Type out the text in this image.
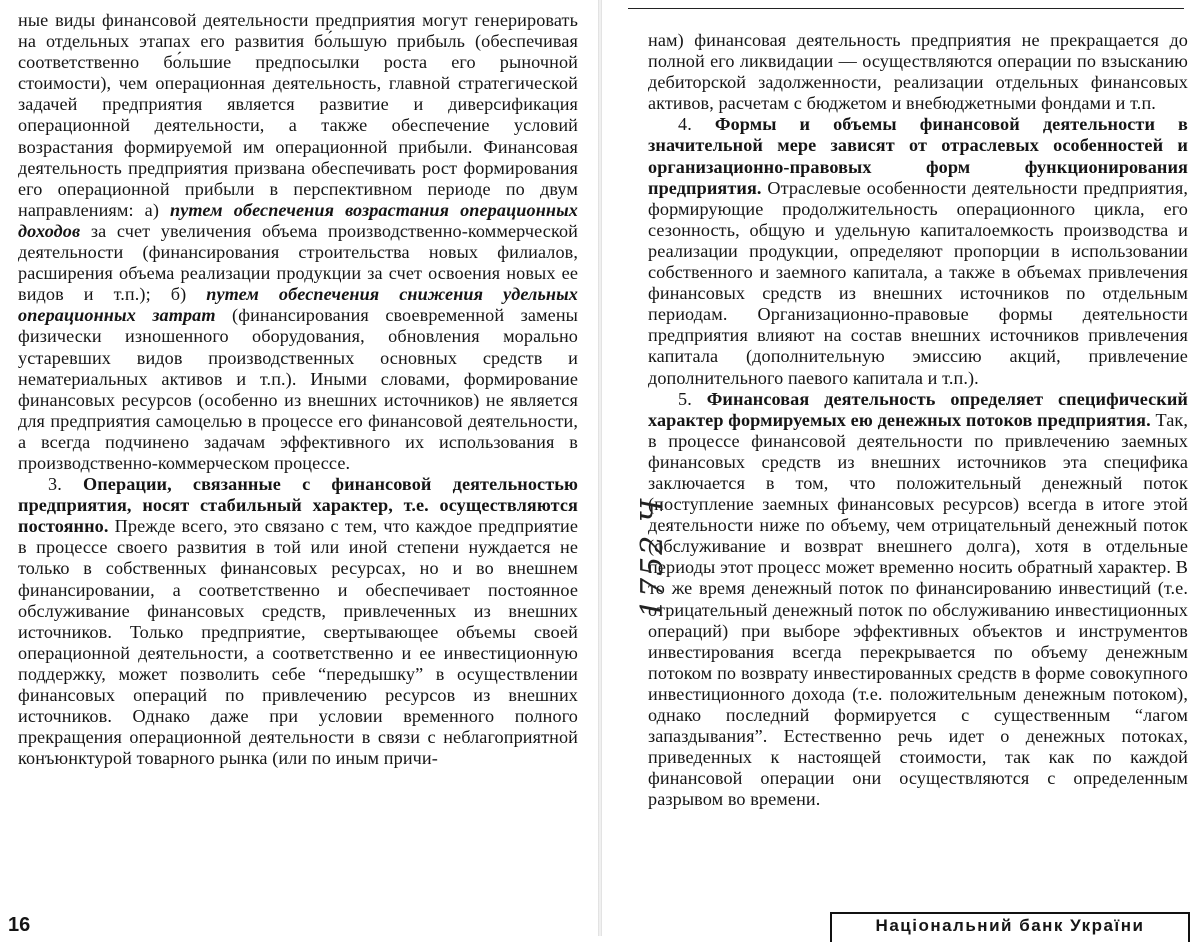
ные виды финансовой деятельности предприятия могут генерировать на отдельных этапах его развития бо́льшую прибыль (обеспечивая соответственно бо́льшие предпосылки роста его рыночной стоимости), чем операционная деятельность, главной стратегической задачей предприятия является развитие и диверсификация операционной деятельности, а также обеспечение условий возрастания формируемой им операционной прибыли. Финансовая деятельность предприятия призвана обеспечивать рост формирования его операционной прибыли в перспективном периоде по двум направлениям: а) путем обеспечения возрастания операционных доходов за счет увеличения объема производственно-коммерческой деятельности (финансирования строительства новых филиалов, расширения объема реализации продукции за счет освоения новых ее видов и т.п.); б) путем обеспечения снижения удельных операционных затрат (финансирования своевременной замены физически изношенного оборудования, обновления морально устаревших видов производственных основных средств и нематериальных активов и т.п.). Иными словами, формирование финансовых ресурсов (особенно из внешних источников) не является для предприятия самоцелью в процессе его финансовой деятельности, а всегда подчинено задачам эффективного их использования в производственно-коммерческом процессе.

3. Операции, связанные с финансовой деятельностью предприятия, носят стабильный характер, т.е. осуществляются постоянно. Прежде всего, это связано с тем, что каждое предприятие в процессе своего развития в той или иной степени нуждается не только в собственных финансовых ресурсах, но и во внешнем финансировании, а соответственно и обеспечивает постоянное обслуживание финансовых средств, привлеченных из внешних источников. Только предприятие, свертывающее объемы своей операционной деятельности, а соответственно и ее инвестиционную поддержку, может позволить себе “передышку” в осуществлении финансовых операций по привлечению ресурсов из внешних источников. Однако даже при условии временного полного прекращения операционной деятельности в связи с неблагоприятной конъюнктурой товарного рынка (или по иным причи-

16

нам) финансовая деятельность предприятия не прекращается до полной его ликвидации — осуществляются операции по взысканию дебиторской задолженности, реализации отдельных финансовых активов, расчетам с бюджетом и внебюджетными фондами и т.п.

4. Формы и объемы финансовой деятельности в значительной мере зависят от отраслевых особенностей и организационно-правовых форм функционирования предприятия. Отраслевые особенности деятельности предприятия, формирующие продолжительность операционного цикла, его сезонность, общую и удельную капиталоемкость производства и реализации продукции, определяют пропорции в использовании собственного и заемного капитала, а также в объемах привлечения финансовых средств из внешних источников по отдельным периодам. Организационно-правовые формы деятельности предприятия влияют на состав внешних источников привлечения капитала (дополнительную эмиссию акций, привлечение дополнительного паевого капитала и т.п.).

5. Финансовая деятельность определяет специфический характер формируемых ею денежных потоков предприятия. Так, в процессе финансовой деятельности по привлечению заемных финансовых средств из внешних источников эта специфика заключается в том, что положительный денежный поток (поступление заемных финансовых ресурсов) всегда в итоге этой деятельности ниже по объему, чем отрицательный денежный поток (обслуживание и возврат внешнего долга), хотя в отдельные периоды этот процесс может временно носить обратный характер. В то же время денежный поток по финансированию инвестиций (т.е. отрицательный денежный поток по обслуживанию инвестиционных операций) при выборе эффективных объектов и инструментов инвестирования всегда перекрывается по объему денежным потоком по возврату инвестированных средств в форме совокупного инвестиционного дохода (т.е. положительным денежным потоком), однако последний формируется с существенным “лагом запаздывания”. Естественно речь идет о денежных потоках, приведенных к настоящей стоимости, так как по каждой финансовой операции они осуществляются с определенным разрывом во времени.

1752 Ч
Національний банк України
